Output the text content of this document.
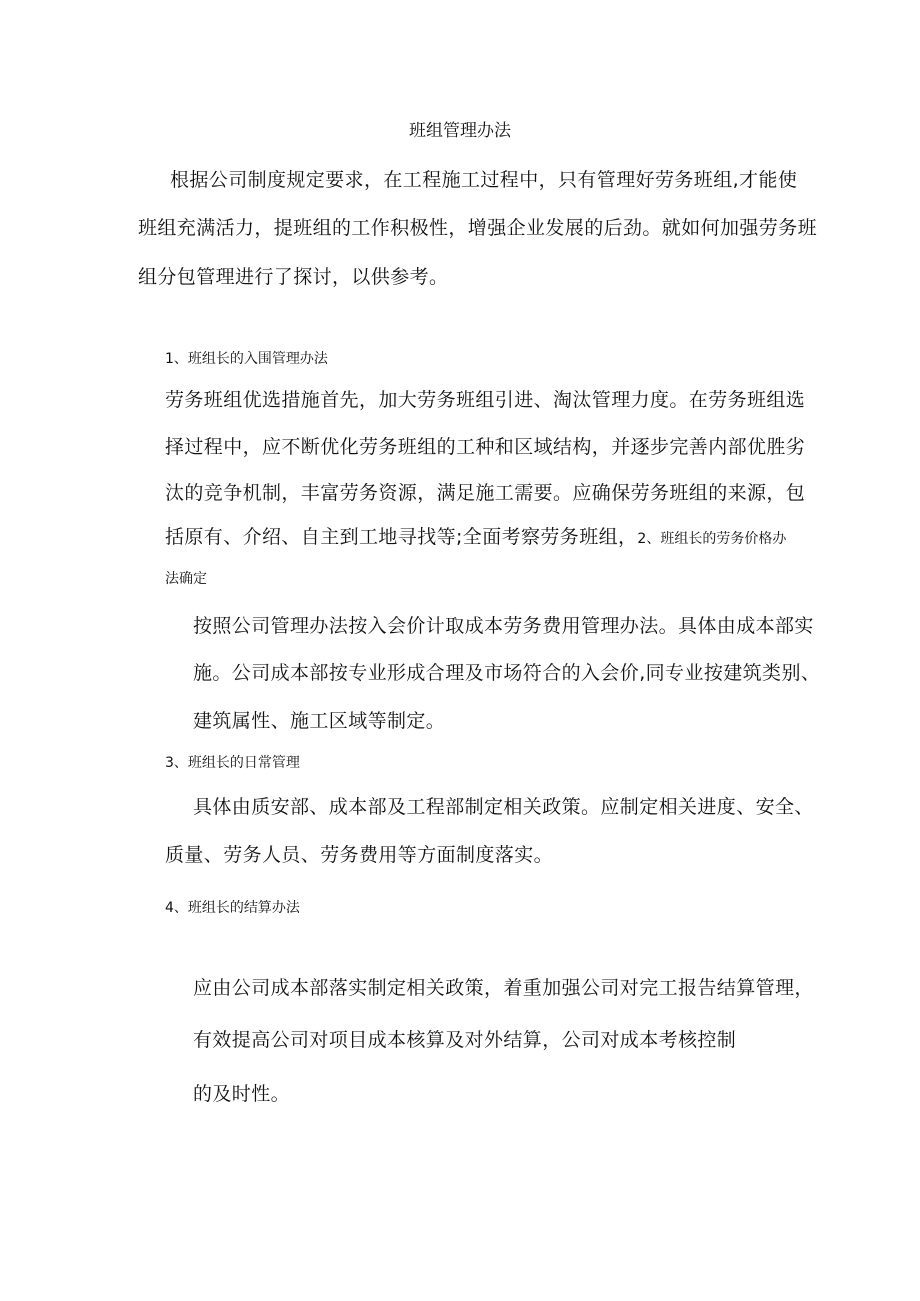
班组管理办法

根据公司制度规定要求，在工程施工过程中，只有管理好劳务班组,才能使

班组充满活力，提班组的工作积极性，增强企业发展的后劲。就如何加强劳务班

组分包管理进行了探讨，以供参考。

1、班组长的入围管理办法

劳务班组优选措施首先，加大劳务班组引进、淘汰管理力度。在劳务班组选

择过程中，应不断优化劳务班组的工种和区域结构，并逐步完善内部优胜劣

汰的竞争机制，丰富劳务资源，满足施工需要。应确保劳务班组的来源，包

括原有、介绍、自主到工地寻找等;全面考察劳务班组，2、班组长的劳务价格办

法确定

按照公司管理办法按入会价计取成本劳务费用管理办法。具体由成本部实

施。公司成本部按专业形成合理及市场符合的入会价,同专业按建筑类别、

建筑属性、施工区域等制定。

3、班组长的日常管理

具体由质安部、成本部及工程部制定相关政策。应制定相关进度、安全、

质量、劳务人员、劳务费用等方面制度落实。

4、班组长的结算办法

应由公司成本部落实制定相关政策，着重加强公司对完工报告结算管理，

有效提高公司对项目成本核算及对外结算，公司对成本考核控制

的及时性。
